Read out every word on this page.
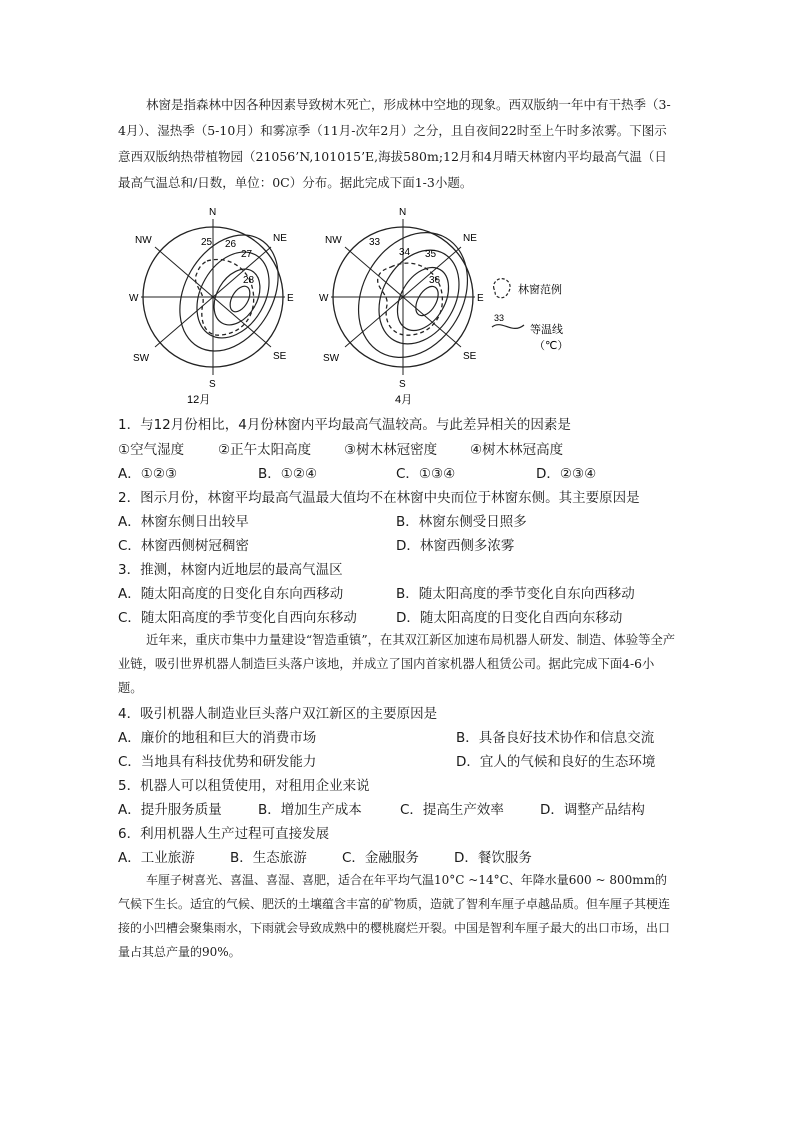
林窗是指森林中因各种因素导致树木死亡，形成林中空地的现象。西双版纳一年中有干热季（3-4月）、湿热季（5-10月）和雾凉季（11月-次年2月）之分，且自夜间22时至上午时多浓雾。下图示意西双版纳热带植物园（21056’N,101015’E,海拔580m;12月和4月晴天林窗内平均最高气温（日最高气温总和/日数，单位：0C）分布。据此完成下面1-3小题。

25 26
27
28
N
NE
E
SE
S
SW
W
NW
12月
33
34 35
36
N
NE
E
SE
S
SW
W
NW
4月
林窗范例
33
等温线
（℃）

1．与12月份相比，4月份林窗内平均最高气温较高。与此差异相关的因素是

①空气湿度	②正午太阳高度 ③树木林冠密度 ④树木林冠高度
A．①②③	B．①②④	C．①③④	D．②③④

2．图示月份，林窗平均最高气温最大值均不在林窗中央而位于林窗东侧。其主要原因是

A．林窗东侧日出较早	B．林窗东侧受日照多
C．林窗西侧树冠稠密	D．林窗西侧多浓雾

3．推测，林窗内近地层的最高气温区

A．随太阳高度的日变化自东向西移动	B．随太阳高度的季节变化自东向西移动
C．随太阳高度的季节变化自西向东移动	D．随太阳高度的日变化自西向东移动

近年来，重庆市集中力量建设“智造重镇”，在其双江新区加速布局机器人研发、制造、体验等全产业链，吸引世界机器人制造巨头落户该地，并成立了国内首家机器人租赁公司。据此完成下面4-6小题。

4．吸引机器人制造业巨头落户双江新区的主要原因是

A．廉价的地租和巨大的消费市场	B．具备良好技术协作和信息交流
C．当地具有科技优势和研发能力	D．宜人的气候和良好的生态环境

5．机器人可以租赁使用，对租用企业来说

A．提升服务质量	B．增加生产成本	C．提高生产效率	D．调整产品结构

6．利用机器人生产过程可直接发展

A．工业旅游	B．生态旅游	C．金融服务	D．餐饮服务

车厘子树喜光、喜温、喜湿、喜肥，适合在年平均气温10°C ~14°C、年降水量600 ~ 800mm的气候下生长。适宜的气候、肥沃的土壤蕴含丰富的矿物质，造就了智利车厘子卓越品质。但车厘子其梗连接的小凹槽会聚集雨水，下雨就会导致成熟中的樱桃腐烂开裂。中国是智利车厘子最大的出口市场，出口量占其总产量的90%。
